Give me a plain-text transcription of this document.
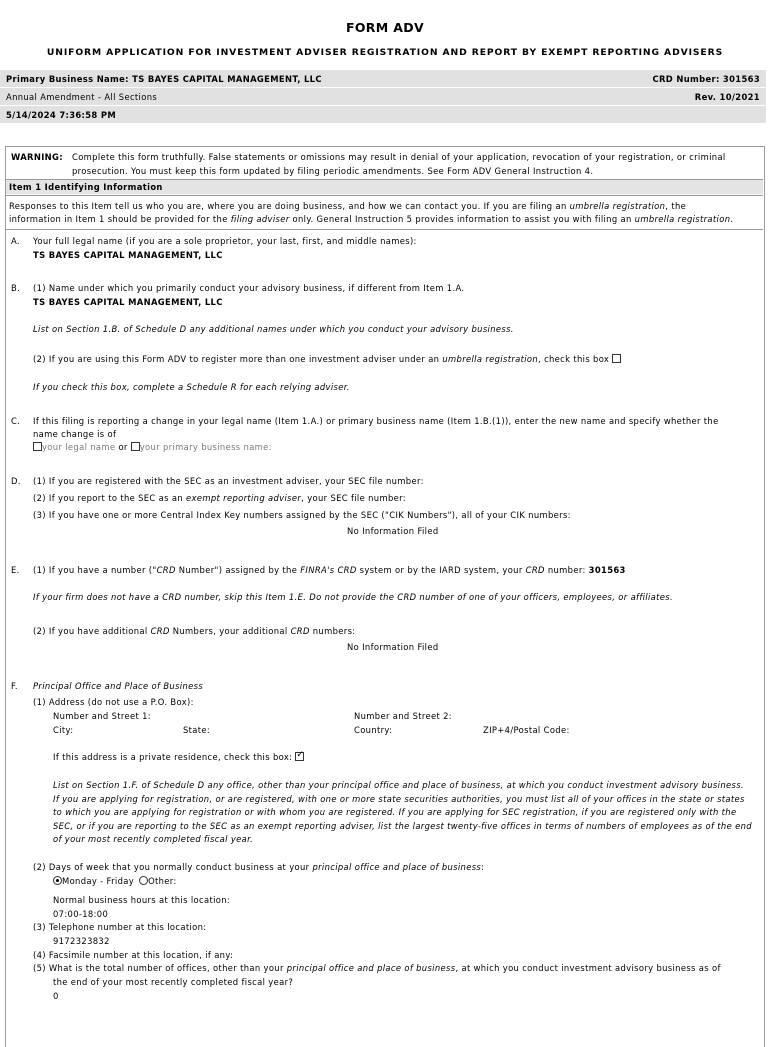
FORM ADV
UNIFORM APPLICATION FOR INVESTMENT ADVISER REGISTRATION AND REPORT BY EXEMPT REPORTING ADVISERS
Primary Business Name: TS BAYES CAPITAL MANAGEMENT, LLC	CRD Number: 301563
Annual Amendment - All Sections	Rev. 10/2021
5/14/2024 7:36:58 PM
WARNING: Complete this form truthfully. False statements or omissions may result in denial of your application, revocation of your registration, or criminal
prosecution. You must keep this form updated by filing periodic amendments. See Form ADV General Instruction 4.
Item 1 Identifying Information
Responses to this Item tell us who you are, where you are doing business, and how we can contact you. If you are filing an umbrella registration, the
information in Item 1 should be provided for the filing adviser only. General Instruction 5 provides information to assist you with filing an umbrella registration.
A. Your full legal name (if you are a sole proprietor, your last, first, and middle names):
TS BAYES CAPITAL MANAGEMENT, LLC
B. (1) Name under which you primarily conduct your advisory business, if different from Item 1.A.
TS BAYES CAPITAL MANAGEMENT, LLC
List on Section 1.B. of Schedule D any additional names under which you conduct your advisory business.
(2) If you are using this Form ADV to register more than one investment adviser under an umbrella registration, check this box
If you check this box, complete a Schedule R for each relying adviser.
C. If this filing is reporting a change in your legal name (Item 1.A.) or primary business name (Item 1.B.(1)), enter the new name and specify whether the
name change is of
your legal name or your primary business name:
D. (1) If you are registered with the SEC as an investment adviser, your SEC file number:
(2) If you report to the SEC as an exempt reporting adviser, your SEC file number:
(3) If you have one or more Central Index Key numbers assigned by the SEC ("CIK Numbers"), all of your CIK numbers:
No Information Filed
E. (1) If you have a number ("CRD Number") assigned by the FINRA's CRD system or by the IARD system, your CRD number: 301563
If your firm does not have a CRD number, skip this Item 1.E. Do not provide the CRD number of one of your officers, employees, or affiliates.
(2) If you have additional CRD Numbers, your additional CRD numbers:
No Information Filed
F. Principal Office and Place of Business
(1) Address (do not use a P.O. Box):
Number and Street 1:	Number and Street 2:
City:	State:	Country:	ZIP+4/Postal Code:
If this address is a private residence, check this box: ✓
List on Section 1.F. of Schedule D any office, other than your principal office and place of business, at which you conduct investment advisory business. If you are applying for registration, or are registered, with one or more state securities authorities, you must list all of your offices in the state or states to which you are applying for registration or with whom you are registered. If you are applying for SEC registration, if you are registered only with the SEC, or if you are reporting to the SEC as an exempt reporting adviser, list the largest twenty-five offices in terms of numbers of employees as of the end of your most recently completed fiscal year.
(2) Days of week that you normally conduct business at your principal office and place of business:
Monday - Friday Other:
Normal business hours at this location:
07:00-18:00
(3) Telephone number at this location:
9172323832
(4) Facsimile number at this location, if any:
(5) What is the total number of offices, other than your principal office and place of business, at which you conduct investment advisory business as of
the end of your most recently completed fiscal year?
0
